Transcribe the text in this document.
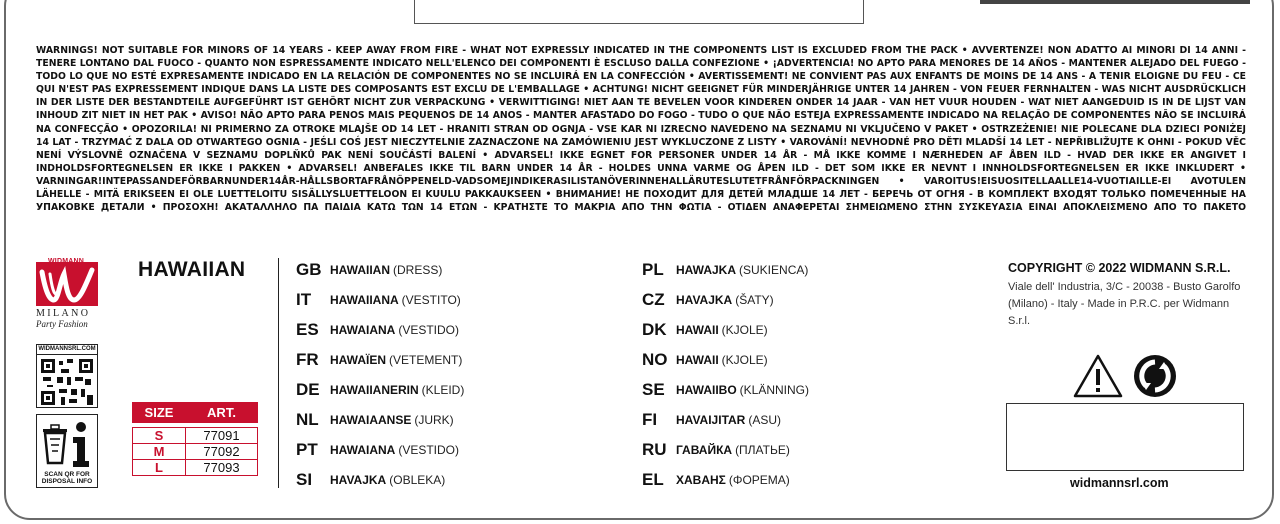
WARNINGS! NOT SUITABLE FOR MINORS OF 14 YEARS - KEEP AWAY FROM FIRE - WHAT NOT EXPRESSLY INDICATED IN THE COMPONENTS LIST IS EXCLUDED FROM THE PACK • AVVERTENZE! NON ADATTO AI MINORI DI 14 ANNI - TENERE LONTANO DAL FUOCO - QUANTO NON ESPRESSAMENTE INDICATO NELL'ELENCO DEI COMPONENTI È ESCLUSO DALLA CONFEZIONE • ¡ADVERTENCIA! NO APTO PARA MENORES DE 14 AÑOS - MANTENER ALEJADO DEL FUEGO - TODO LO QUE NO ESTÉ EXPRESAMENTE INDICADO EN LA RELACIÓN DE COMPONENTES NO SE INCLUIRÁ EN LA CONFECCIÓN • AVERTISSEMENT! NE CONVIENT PAS AUX ENFANTS DE MOINS DE 14 ANS - A TENIR ELOIGNE DU FEU - CE QUI N'EST PAS EXPRESSEMENT INDIQUE DANS LA LISTE DES COMPOSANTS EST EXCLU DE L'EMBALLAGE • ACHTUNG! NICHT GEEIGNET FÜR MINDERJÄHRIGE UNTER 14 JAHREN - VON FEUER FERNHALTEN - WAS NICHT AUSDRÜCKLICH IN DER LISTE DER BESTANDTEILE AUFGEFÜHRT IST GEHÖRT NICHT ZUR VERPACKUNG • VERWITTIGING! NIET AAN TE BEVELEN VOOR KINDEREN ONDER 14 JAAR - VAN HET VUUR HOUDEN - WAT NIET AANGEDUID IS IN DE LIJST VAN INHOUD ZIT NIET IN HET PAK • AVISO! NÃO APTO PARA PENOS MAIS PEQUENOS DE 14 ANOS - MANTER AFASTADO DO FOGO - TUDO O QUE NÃO ESTEJA EXPRESSAMENTE INDICADO NA RELAÇÃO DE COMPONENTES NÃO SE INCLUIRÁ NA CONFECÇÃO • OPOZORILA! NI PRIMERNO ZA OTROKE MLAJŠE OD 14 LET - HRANITI STRAN OD OGNJA - VSE KAR NI IZRECNO NAVEDENO NA SEZNAMU NI VKLJUČENO V PAKET • OSTRZEŻENIE! NIE POLECANE DLA DZIECI PONIŻEJ 14 LAT - TRZYMAĆ Z DALA OD OTWARTEGO OGNIA - JEŚLI COŚ JEST NIECZYTELNIE ZAZNACZONE NA ZAMÓWIENIU JEST WYKLUCZONE Z LISTY • VAROVÁNÍ! NEVHODNÉ PRO DĚTI MLADŠÍ 14 LET - NEPŘIBLIŽUJTE K OHNI - POKUD VĚC NENÍ VÝSLOVNĚ OZNAČENA V SEZNAMU DOPLŇKŮ PAK NENÍ SOUČÁSTÍ BALENÍ • ADVARSEL! IKKE EGNET FOR PERSONER UNDER 14 ÅR - MÅ IKKE KOMME I NÆRHEDEN AF ÅBEN ILD - HVAD DER IKKE ER ANGIVET I INDHOLDSFORTEGNELSEN ER IKKE I PAKKEN • ADVARSEL! ANBEFALES IKKE TIL BARN UNDER 14 ÅR - HOLDES UNNA VARME OG ÅPEN ILD - DET SOM IKKE ER NEVNT I INNHOLDSFORTEGNELSEN ER IKKE INKLUDERT • VARNINGAR!INTEPASSANDEFÖRBARNUNDER14ÅR-HÅLLSBORTAFRÅNÖPPENELD-VADSOMEJINDIKERASILISTANÖVERINNEHALLÄRUTESLUTETFRÅNFÖRPACKNINGEN • VAROITUS!EISUOSITELLAALLE14-VUOTIAILLE-EI AVOTULEN LÄHELLE - MITÄ ERIKSEEN EI OLE LUETTELOITU SISÄLLYSLUETTELOON EI KUULU PAKKAUKSEEN • ВНИМАНИЕ! НЕ ПОХОДИТ ДЛЯ ДЕТЕЙ МЛАДШЕ 14 ЛЕТ - БЕРЕЧЬ ОТ ОГНЯ - В КОМПЛЕКТ ВХОДЯТ ТОЛЬКО ПОМЕЧЕННЫЕ НА УПАКОВКЕ ДЕТАЛИ • ΠΡΟΣΟΧΗ! ΑΚΑΤΑΛΛΗΛΟ ΠΑ ΠΑΙΔΙΑ ΚΑΤΩ ΤΩΝ 14 ΕΤΩΝ - ΚΡΑΤΗΣΤΕ ΤΟ ΜΑΚΡΙΑ ΑΠΟ ΤΗΝ ΦΩΤΙΑ - ΟΤΙΔΕΝ ΑΝΑΦΕΡΕΤΑΙ ΣΗΜΕΙΩΜΕΝΟ ΣΤΗΝ ΣΥΣΚΕΥΑΣΙΑ ΕΙΝΑΙ ΑΠΟΚΛΕΙΣΜΕΝΟ ΑΠΟ ΤΟ ΠΑΚΕΤΟ

WIDMANN
MILANO
Party Fashion
WIDMANNSRL.COM
SCAN QR FOR DISPOSAL INFO
HAWAIIAN
SIZE	ART.

S	77091
M	77092
L	77093
GB HAWAIIAN (DRESS)
IT HAWAIIANA (VESTITO)
ES HAWAIANA (VESTIDO)
FR HAWAÏEN (VETEMENT)
DE HAWAIIANERIN (KLEID)
NL HAWAIAANSE (JURK)
PT HAWAIANA (VESTIDO)
SI HAVAJKA (OBLEKA)
PL HAWAJKA (SUKIENCA)
CZ HAVAJKA (ŠATY)
DK HAWAII (KJOLE)
NO HAWAII (KJOLE)
SE HAWAIIBO (KLÄNNING)
FI HAVAIJITAR (ASU)
RU ГАВАЙКА (ПЛАТЬЕ)
EL ΧΑΒΑΗΣ (ΦΟΡΕΜΑ)
COPYRIGHT © 2022 WIDMANN S.R.L.
Viale dell' Industria, 3/C - 20038 - Busto Garolfo (Milano) - Italy - Made in P.R.C. per Widmann S.r.l.
widmannsrl.com
